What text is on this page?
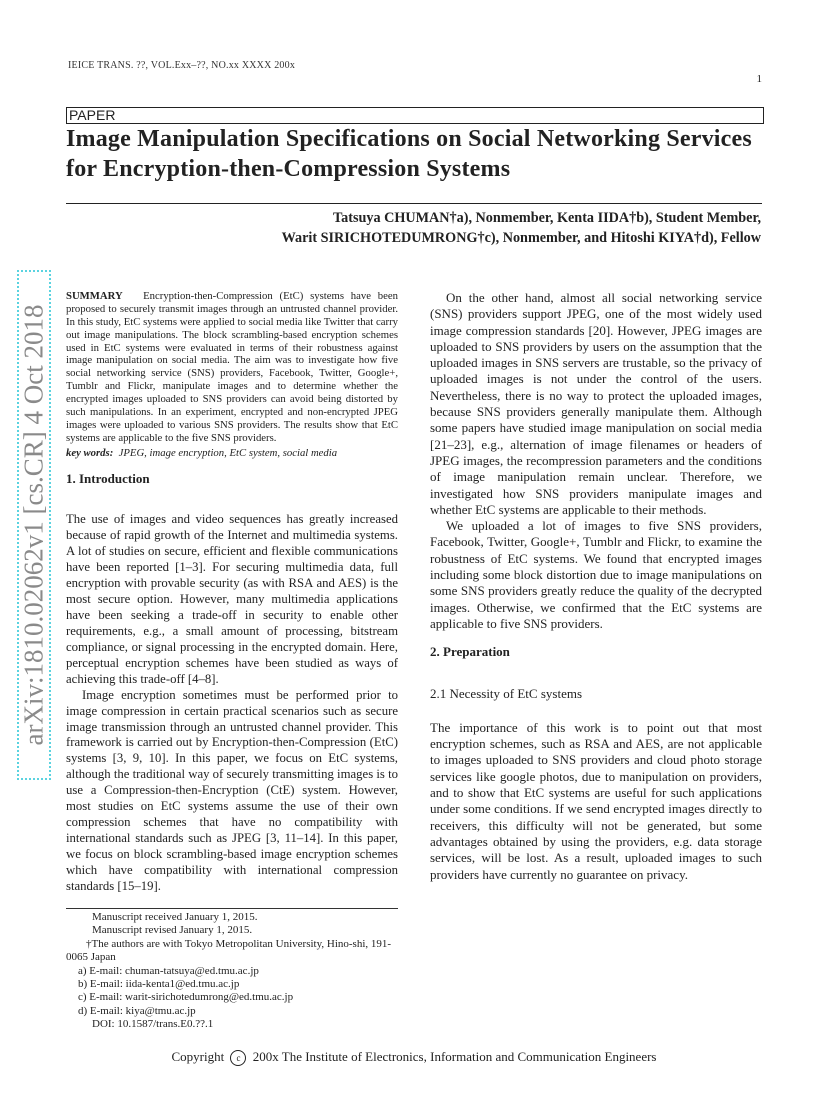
IEICE TRANS. ??, VOL.Exx–??, NO.xx XXXX 200x
1
PAPER
Image Manipulation Specifications on Social Networking Services for Encryption-then-Compression Systems
Tatsuya CHUMAN†a), Nonmember, Kenta IIDA†b), Student Member,
Warit SIRICHOTEDUMRONG†c), Nonmember, and Hitoshi KIYA†d), Fellow
arXiv:1810.02062v1 [cs.CR] 4 Oct 2018

SUMMARY Encryption-then-Compression (EtC) systems have been proposed to securely transmit images through an untrusted channel provider. In this study, EtC systems were applied to social media like Twitter that carry out image manipulations. The block scrambling-based encryption schemes used in EtC systems were evaluated in terms of their robustness against image manipulation on social media. The aim was to investigate how five social networking service (SNS) providers, Facebook, Twitter, Google+, Tumblr and Flickr, manipulate images and to determine whether the encrypted images uploaded to SNS providers can avoid being distorted by such manipulations. In an experiment, encrypted and non-encrypted JPEG images were uploaded to various SNS providers. The results show that EtC systems are applicable to the five SNS providers.

key words: JPEG, image encryption, EtC system, social media

1. Introduction

The use of images and video sequences has greatly increased because of rapid growth of the Internet and multimedia systems. A lot of studies on secure, efficient and flexible communications have been reported [1–3]. For securing multimedia data, full encryption with provable security (as with RSA and AES) is the most secure option. However, many multimedia applications have been seeking a trade-off in security to enable other requirements, e.g., a small amount of processing, bitstream compliance, or signal processing in the encrypted domain. Here, perceptual encryption schemes have been studied as ways of achieving this trade-off [4–8].

Image encryption sometimes must be performed prior to image compression in certain practical scenarios such as secure image transmission through an untrusted channel provider. This framework is carried out by Encryption-then-Compression (EtC) systems [3, 9, 10]. In this paper, we focus on EtC systems, although the traditional way of securely transmitting images is to use a Compression-then-Encryption (CtE) system. However, most studies on EtC systems assume the use of their own compression schemes that have no compatibility with international standards such as JPEG [3, 11–14]. In this paper, we focus on block scrambling-based image encryption schemes which have compatibility with international compression standards [15–19].

On the other hand, almost all social networking service (SNS) providers support JPEG, one of the most widely used image compression standards [20]. However, JPEG images are uploaded to SNS providers by users on the assumption that the uploaded images in SNS servers are trustable, so the privacy of uploaded images is not under the control of the users. Nevertheless, there is no way to protect the uploaded images, because SNS providers generally manipulate them. Although some papers have studied image manipulation on social media [21–23], e.g., alternation of image filenames or headers of JPEG images, the recompression parameters and the conditions of image manipulation remain unclear. Therefore, we investigated how SNS providers manipulate images and whether EtC systems are applicable to their methods.

We uploaded a lot of images to five SNS providers, Facebook, Twitter, Google+, Tumblr and Flickr, to examine the robustness of EtC systems. We found that encrypted images including some block distortion due to image manipulations on some SNS providers greatly reduce the quality of the decrypted images. Otherwise, we confirmed that the EtC systems are applicable to five SNS providers.

2. Preparation
2.1 Necessity of EtC systems

The importance of this work is to point out that most encryption schemes, such as RSA and AES, are not applicable to images uploaded to SNS providers and cloud photo storage services like google photos, due to manipulation on providers, and to show that EtC systems are useful for such applications under some conditions. If we send encrypted images directly to receivers, this difficulty will not be generated, but some advantages obtained by using the providers, e.g. data storage services, will be lost. As a result, uploaded images to such providers have currently no guarantee on privacy.

Manuscript received January 1, 2015.
Manuscript revised January 1, 2015.
†The authors are with Tokyo Metropolitan University, Hino-shi, 191-0065 Japan
a) E-mail: chuman-tatsuya@ed.tmu.ac.jp
b) E-mail: iida-kenta1@ed.tmu.ac.jp
c) E-mail: warit-sirichotedumrong@ed.tmu.ac.jp
d) E-mail: kiya@tmu.ac.jp
DOI: 10.1587/trans.E0.??.1
Copyright c 200x The Institute of Electronics, Information and Communication Engineers
